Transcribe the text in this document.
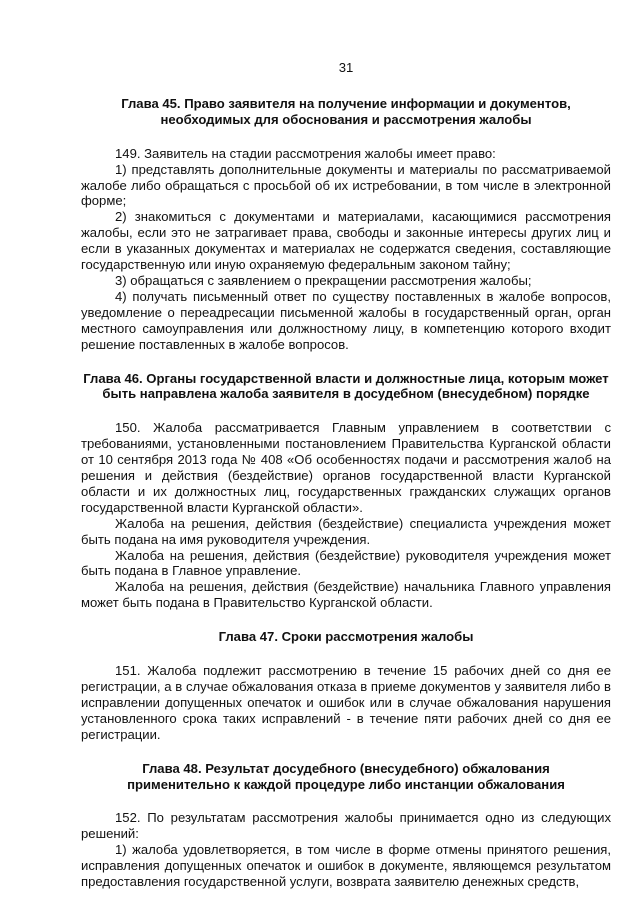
31
Глава 45. Право заявителя на получение информации и документов, необходимых для обоснования и рассмотрения жалобы

149. Заявитель на стадии рассмотрения жалобы имеет право:

1) представлять дополнительные документы и материалы по рассматриваемой жалобе либо обращаться с просьбой об их истребовании, в том числе в электронной форме;

2) знакомиться с документами и материалами, касающимися рассмотрения жалобы, если это не затрагивает права, свободы и законные интересы других лиц и если в указанных документах и материалах не содержатся сведения, составляющие государственную или иную охраняемую федеральным законом тайну;

3) обращаться с заявлением о прекращении рассмотрения жалобы;

4) получать письменный ответ по существу поставленных в жалобе вопросов, уведомление о переадресации письменной жалобы в государственный орган, орган местного самоуправления или должностному лицу, в компетенцию которого входит решение поставленных в жалобе вопросов.

Глава 46. Органы государственной власти и должностные лица, которым может быть направлена жалоба заявителя в досудебном (внесудебном) порядке

150. Жалоба рассматривается Главным управлением в соответствии с требованиями, установленными постановлением Правительства Курганской области от 10 сентября 2013 года № 408 «Об особенностях подачи и рассмотрения жалоб на решения и действия (бездействие) органов государственной власти Курганской области и их должностных лиц, государственных гражданских служащих органов государственной власти Курганской области».

Жалоба на решения, действия (бездействие) специалиста учреждения может быть подана на имя руководителя учреждения.

Жалоба на решения, действия (бездействие) руководителя учреждения может быть подана в Главное управление.

Жалоба на решения, действия (бездействие) начальника Главного управления может быть подана в Правительство Курганской области.

Глава 47. Сроки рассмотрения жалобы

151. Жалоба подлежит рассмотрению в течение 15 рабочих дней со дня ее регистрации, а в случае обжалования отказа в приеме документов у заявителя либо в исправлении допущенных опечаток и ошибок или в случае обжалования нарушения установленного срока таких исправлений - в течение пяти рабочих дней со дня ее регистрации.

Глава 48. Результат досудебного (внесудебного) обжалования применительно к каждой процедуре либо инстанции обжалования

152. По результатам рассмотрения жалобы принимается одно из следующих решений:

1) жалоба удовлетворяется, в том числе в форме отмены принятого решения, исправления допущенных опечаток и ошибок в документе, являющемся результатом предоставления государственной услуги, возврата заявителю денежных средств,
